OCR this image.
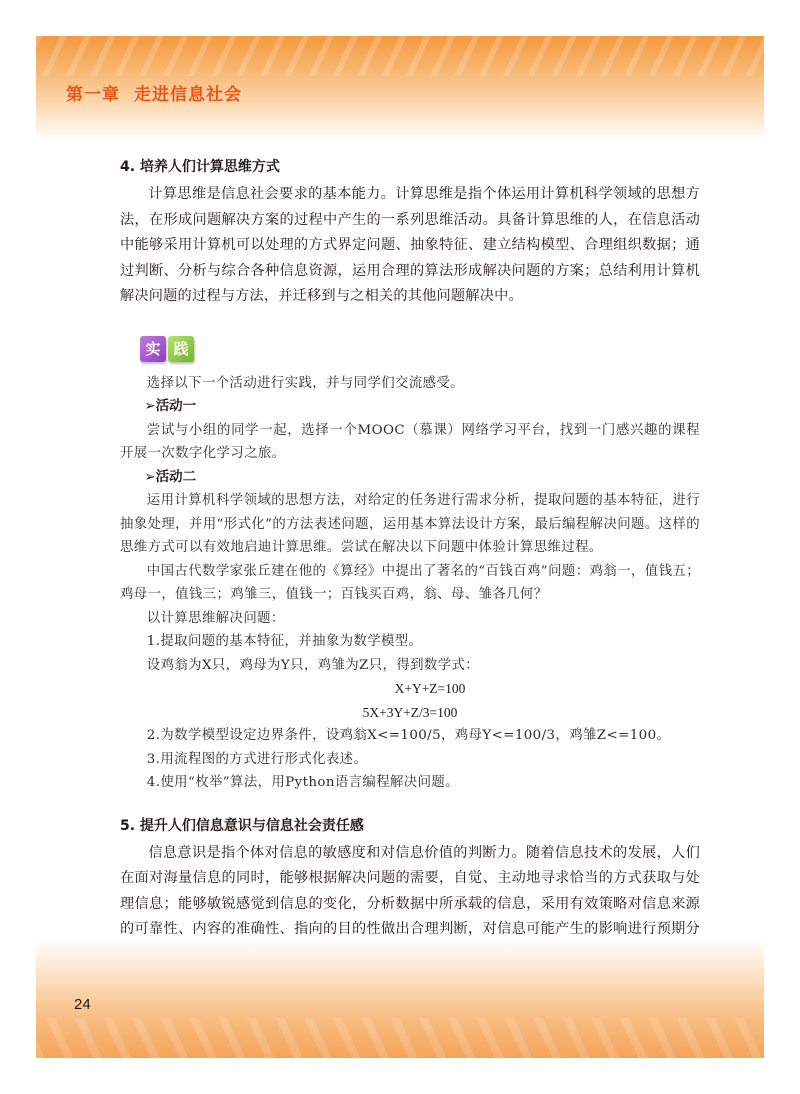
第一章 走进信息社会
4. 培养人们计算思维方式

计算思维是信息社会要求的基本能力。计算思维是指个体运用计算机科学领域的思想方法，在形成问题解决方案的过程中产生的一系列思维活动。具备计算思维的人，在信息活动中能够采用计算机可以处理的方式界定问题、抽象特征、建立结构模型、合理组织数据；通过判断、分析与综合各种信息资源，运用合理的算法形成解决问题的方案；总结利用计算机解决问题的过程与方法，并迁移到与之相关的其他问题解决中。

实 践

选择以下一个活动进行实践，并与同学们交流感受。

➢活动一

尝试与小组的同学一起，选择一个MOOC（慕课）网络学习平台，找到一门感兴趣的课程开展一次数字化学习之旅。

➢活动二

运用计算机科学领域的思想方法，对给定的任务进行需求分析，提取问题的基本特征，进行抽象处理，并用“形式化”的方法表述问题，运用基本算法设计方案，最后编程解决问题。这样的思维方式可以有效地启迪计算思维。尝试在解决以下问题中体验计算思维过程。

中国古代数学家张丘建在他的《算经》中提出了著名的“百钱百鸡”问题：鸡翁一，值钱五；鸡母一，值钱三；鸡雏三，值钱一；百钱买百鸡，翁、母、雏各几何？

以计算思维解决问题：

1.提取问题的基本特征，并抽象为数学模型。

设鸡翁为X只，鸡母为Y只，鸡雏为Z只，得到数学式：

X+Y+Z=100

5X+3Y+Z/3=100

2.为数学模型设定边界条件，设鸡翁X<=100/5，鸡母Y<=100/3，鸡雏Z<=100。

3.用流程图的方式进行形式化表述。

4.使用“枚举”算法，用Python语言编程解决问题。

5. 提升人们信息意识与信息社会责任感

信息意识是指个体对信息的敏感度和对信息价值的判断力。随着信息技术的发展，人们在面对海量信息的同时，能够根据解决问题的需要，自觉、主动地寻求恰当的方式获取与处理信息；能够敏锐感觉到信息的变化，分析数据中所承载的信息，采用有效策略对信息来源的可靠性、内容的准确性、指向的目的性做出合理判断，对信息可能产生的影响进行预期分

24
